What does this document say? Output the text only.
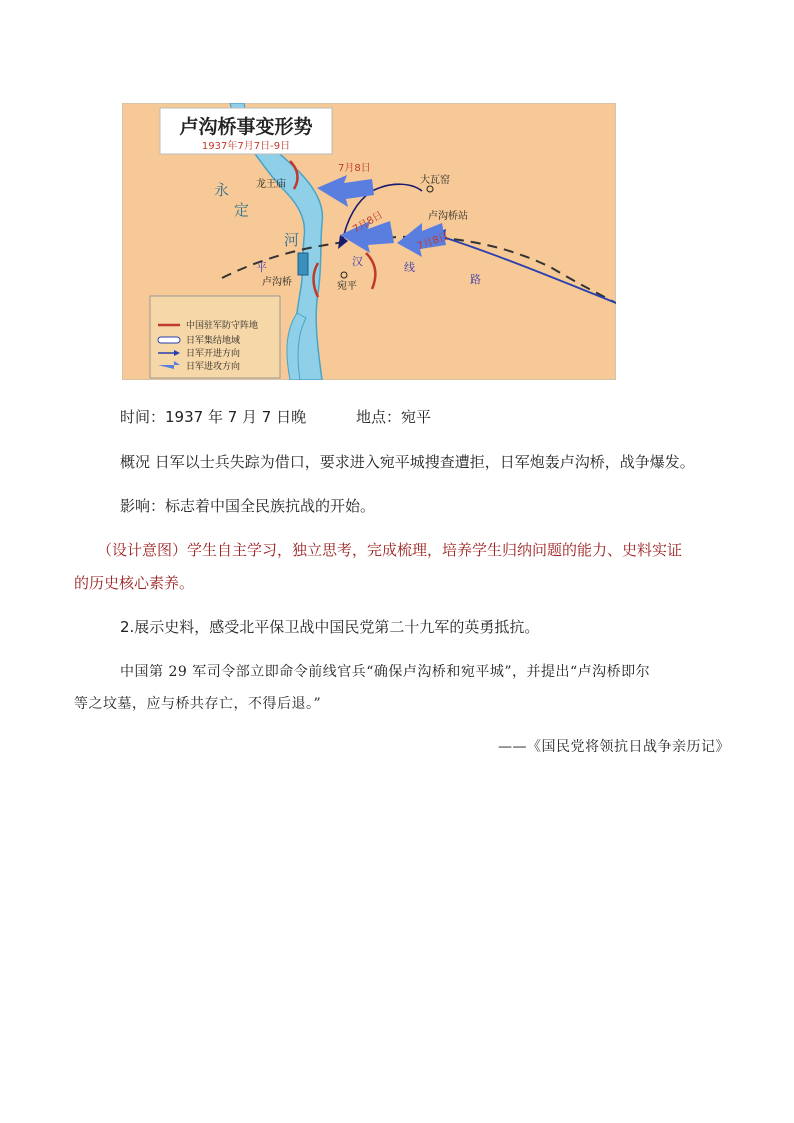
卢沟桥事变形势
1937年7月7日-9日
永
定
河
龙王庙	大瓦窑
卢沟桥站
卢沟桥	宛平
7月8日
7月8日
7月8日
平	汉	线
路
中国驻军防守阵地
日军集结地域
日军开进方向
日军进攻方向
时间：1937 年 7 月 7 日晚	地点：宛平
概况 日军以士兵失踪为借口，要求进入宛平城搜查遭拒，日军炮轰卢沟桥，战争爆发。
影响：标志着中国全民族抗战的开始。
（设计意图）学生自主学习，独立思考，完成梳理，培养学生归纳问题的能力、史料实证
的历史核心素养。
2.展示史料，感受北平保卫战中国民党第二十九军的英勇抵抗。
中国第 29 军司令部立即命令前线官兵“确保卢沟桥和宛平城”，并提出“卢沟桥即尔
等之坟墓，应与桥共存亡，不得后退。”
——《国民党将领抗日战争亲历记》
